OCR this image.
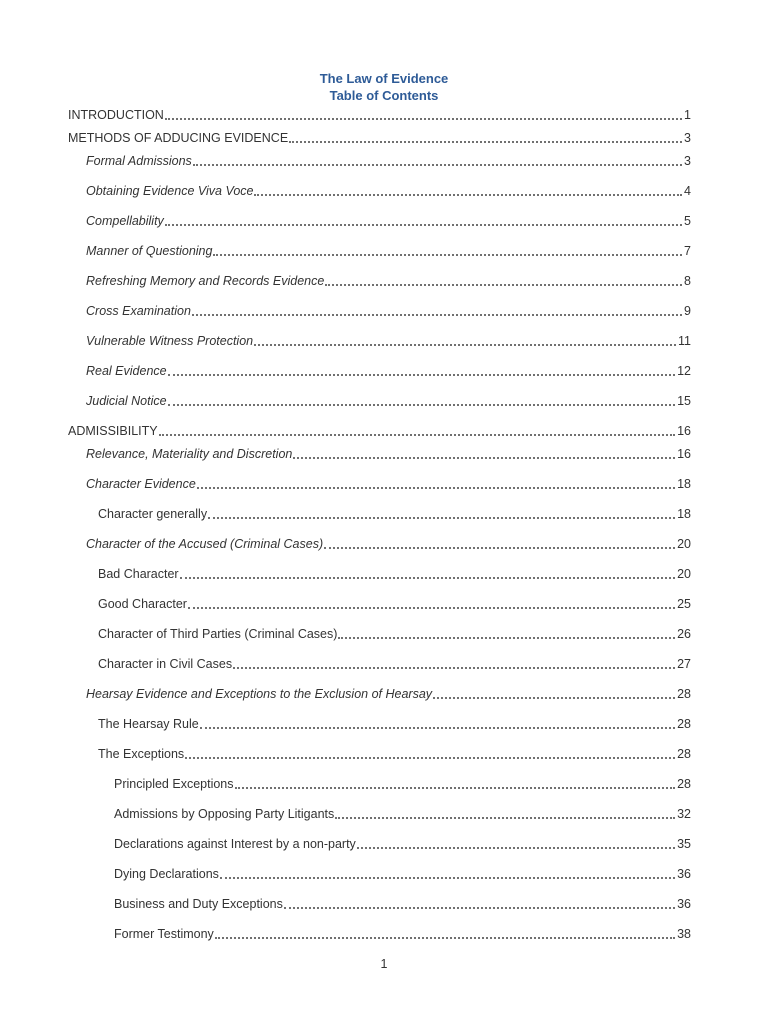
The Law of Evidence
Table of Contents
INTRODUCTION	1
METHODS OF ADDUCING EVIDENCE	3
Formal Admissions	3
Obtaining Evidence Viva Voce	4
Compellability	5
Manner of Questioning	7
Refreshing Memory and Records Evidence	8
Cross Examination	9
Vulnerable Witness Protection	11
Real Evidence	12
Judicial Notice	15
ADMISSIBILITY	16
Relevance, Materiality and Discretion	16
Character Evidence	18
Character generally	18
Character of the Accused (Criminal Cases)	20
Bad Character	20
Good Character	25
Character of Third Parties (Criminal Cases)	26
Character in Civil Cases	27
Hearsay Evidence and Exceptions to the Exclusion of Hearsay	28
The Hearsay Rule	28
The Exceptions	28
Principled Exceptions	28
Admissions by Opposing Party Litigants	32
Declarations against Interest by a non-party	35
Dying Declarations	36
Business and Duty Exceptions	36
Former Testimony	38
1
